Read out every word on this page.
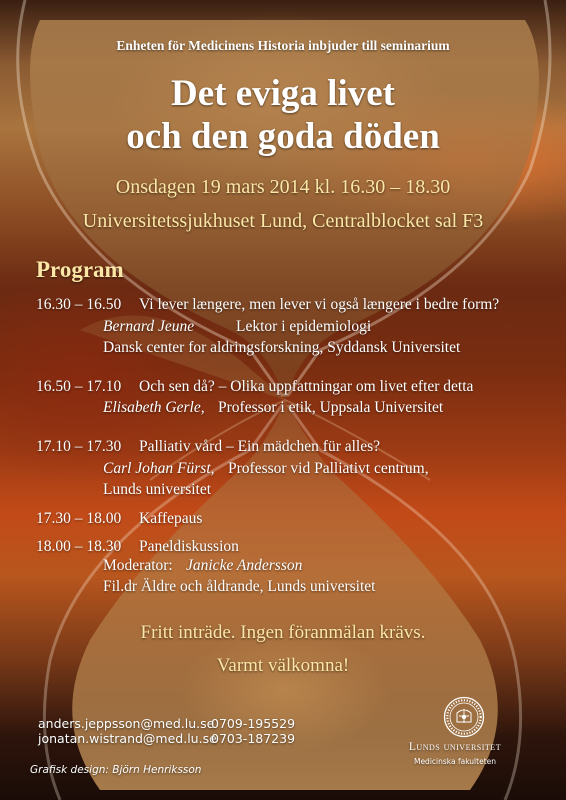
Enheten för Medicinens Historia inbjuder till seminarium
Det eviga livet
och den goda döden
Onsdagen 19 mars 2014 kl. 16.30 – 18.30
Universitetssjukhuset Lund, Centralblocket sal F3
Program
16.30 – 16.50 Vi lever længere, men lever vi også længere i bedre form?
Bernard Jeune	Lektor i epidemiologi
Dansk center for aldringsforskning, Syddansk Universitet
16.50 – 17.10 Och sen då? – Olika uppfattningar om livet efter detta
Elisabeth Gerle, Professor i etik, Uppsala Universitet
17.10 – 17.30 Palliativ vård – Ein mädchen für alles?
Carl Johan Fürst, Professor vid Palliativt centrum,
Lunds universitet
17.30 – 18.00 Kaffepaus
18.00 – 18.30 Paneldiskussion
Moderator: Janicke Andersson
Fil.dr Äldre och åldrande, Lunds universitet
Fritt inträde. Ingen föranmälan krävs.
Varmt välkomna!
anders.jeppsson@med.lu.se
0709-195529
jonatan.wistrand@med.lu.se
0703-187239
Grafisk design: Björn Henriksson
Lunds universitet
Medicinska fakulteten
